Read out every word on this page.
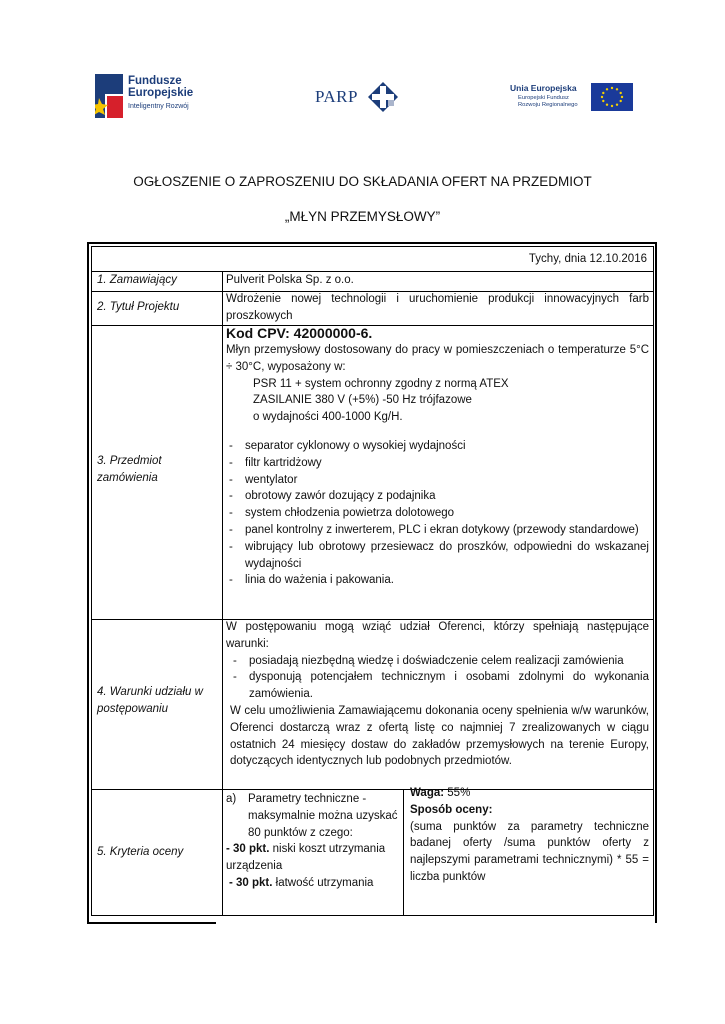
Fundusze
Europejskie
Inteligentny Rozwój
PARP	Unia Europejska
Europejski Fundusz
Rozwoju Regionalnego
OGŁOSZENIE O ZAPROSZENIU DO SKŁADANIA OFERT NA PRZEDMIOT
„MŁYN PRZEMYSŁOWY”
Tychy, dnia 12.10.2016
1. Zamawiający	Pulverit Polska Sp. z o.o.
2. Tytuł Projektu
Wdrożenie nowej technologii i uruchomienie produkcji innowacyjnych farb proszkowych
3. Przedmiot
zamówienia
Kod CPV: 42000000-6.
Młyn przemysłowy dostosowany do pracy w pomieszczeniach o temperaturze 5°C ÷ 30°C, wyposażony w:
PSR 11 + system ochronny zgodny z normą ATEX
ZASILANIE 380 V (+5%) -50 Hz trójfazowe
o wydajności 400-1000 Kg/H.
- separator cyklonowy o wysokiej wydajności
- filtr kartridżowy
- wentylator
- obrotowy zawór dozujący z podajnika
- system chłodzenia powietrza dolotowego
- panel kontrolny z inwerterem, PLC i ekran dotykowy (przewody standardowe)
- wibrujący lub obrotowy przesiewacz do proszków, odpowiedni do wskazanej wydajności
- linia do ważenia i pakowania.
4. Warunki udziału w
postępowaniu
W postępowaniu mogą wziąć udział Oferenci, którzy spełniają następujące warunki:
- posiadają niezbędną wiedzę i doświadczenie celem realizacji zamówienia
- dysponują potencjałem technicznym i osobami zdolnymi do wykonania zamówienia.
W celu umożliwienia Zamawiającemu dokonania oceny spełnienia w/w warunków, Oferenci dostarczą wraz z ofertą listę co najmniej 7 zrealizowanych w ciągu ostatnich 24 miesięcy dostaw do zakładów przemysłowych na terenie Europy, dotyczących identycznych lub podobnych przedmiotów.
5. Kryteria oceny
a) Parametry techniczne - maksymalnie można uzyskać 80 punktów z czego:
- 30 pkt. niski koszt utrzymania urządzenia
- 30 pkt. łatwość utrzymania
Waga: 55%
Sposób oceny:
(suma punktów za parametry techniczne badanej oferty /suma punktów oferty z najlepszymi parametrami technicznymi) * 55 = liczba punktów
